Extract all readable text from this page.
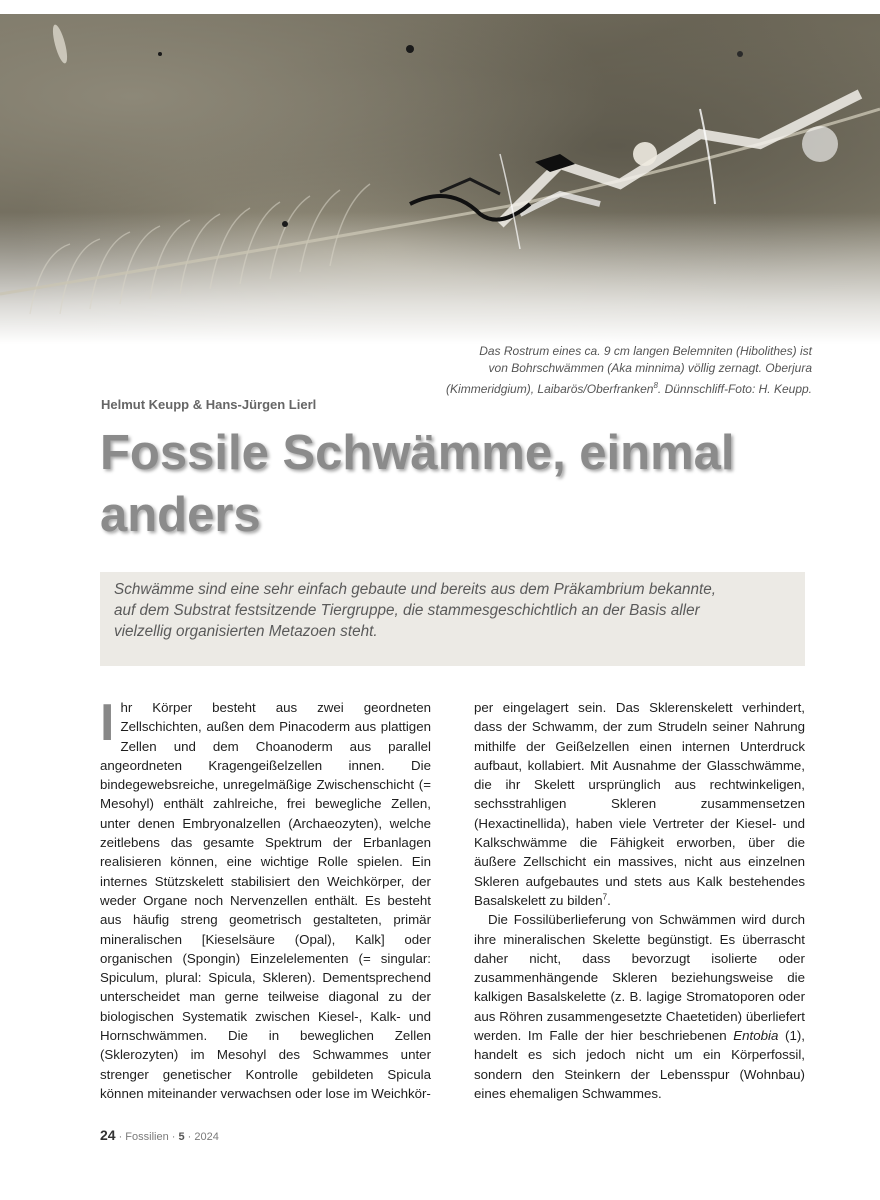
Das Rostrum eines ca. 9 cm langen Belemniten (Hibolithes) ist
von Bohrschwämmen (Aka minnima) völlig zernagt. Oberjura
(Kimmeridgium), Laibarös/Oberfranken$^8$. Dünnschliff-Foto: H. Keupp.
Helmut Keupp & Hans-Jürgen Lierl
Fossile Schwämme, einmal
anders
Schwämme sind eine sehr einfach gebaute und bereits aus dem Präkambrium bekannte,
auf dem Substrat festsitzende Tiergruppe, die stammesgeschichtlich an der Basis aller
vielzellig organisierten Metazoen steht.

Ihr Körper besteht aus zwei geordneten Zellschichten, außen dem Pinacoderm aus plattigen Zellen und dem Choanoderm aus parallel angeordneten Kragengeißelzellen innen. Die bindegewebsreiche, unregelmäßige Zwischenschicht (= Mesohyl) enthält zahlreiche, frei bewegliche Zellen, unter denen Embryonalzellen (Archaeozyten), welche zeitlebens das gesamte Spektrum der Erbanlagen realisieren können, eine wichtige Rolle spielen. Ein internes Stützskelett stabilisiert den Weichkörper, der weder Organe noch Nervenzellen enthält. Es besteht aus häufig streng geometrisch gestalteten, primär mineralischen [Kieselsäure (Opal), Kalk] oder organischen (Spongin) Einzelelementen (= singular: Spiculum, plural: Spicula, Skleren). Dementsprechend unterscheidet man gerne teilweise diagonal zu der biologischen Systematik zwischen Kiesel-, Kalk- und Hornschwämmen. Die in beweglichen Zellen (Sklerozyten) im Mesohyl des Schwammes unter strenger genetischer Kontrolle gebildeten Spicula können miteinander verwachsen oder lose im Weichkör-

per eingelagert sein. Das Sklerenskelett verhindert, dass der Schwamm, der zum Strudeln seiner Nahrung mithilfe der Geißelzellen einen internen Unterdruck aufbaut, kollabiert. Mit Ausnahme der Glasschwämme, die ihr Skelett ursprünglich aus rechtwinkeligen, sechsstrahligen Skleren zusammensetzen (Hexactinellida), haben viele Vertreter der Kiesel- und Kalkschwämme die Fähigkeit erworben, über die äußere Zellschicht ein massives, nicht aus einzelnen Skleren aufgebautes und stets aus Kalk bestehendes Basalskelett zu bilden$^7$.

Die Fossilüberlieferung von Schwämmen wird durch ihre mineralischen Skelette begünstigt. Es überrascht daher nicht, dass bevorzugt isolierte oder zusammenhängende Skleren beziehungsweise die kalkigen Basalskelette (z. B. lagige Stromatoporen oder aus Röhren zusammengesetzte Chaetetiden) überliefert werden. Im Falle der hier beschriebenen Entobia (1), handelt es sich jedoch nicht um ein Körperfossil, sondern den Steinkern der Lebensspur (Wohnbau) eines ehemaligen Schwammes.

24 · Fossilien · 5 · 2024
